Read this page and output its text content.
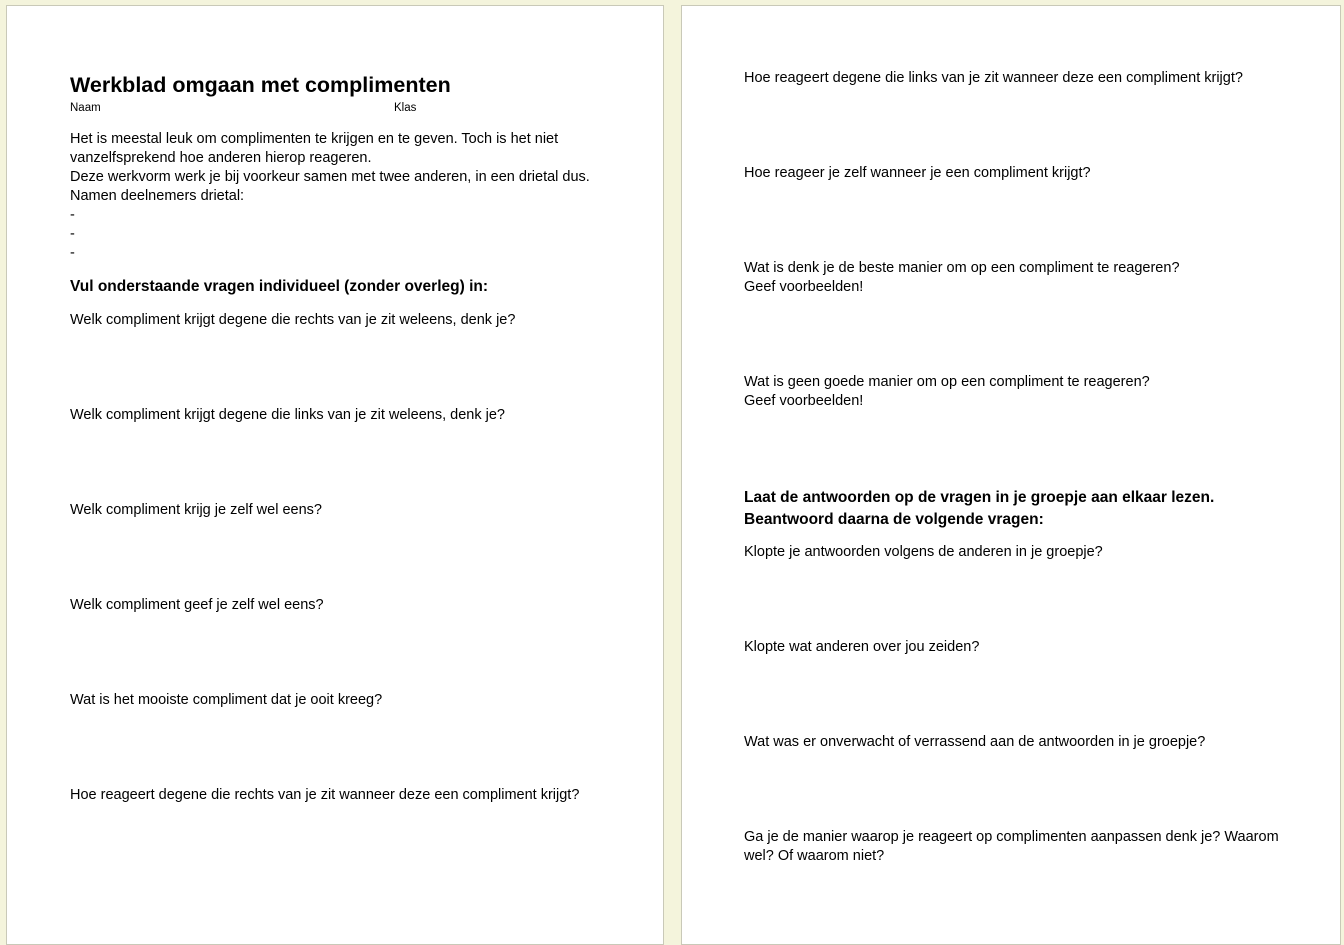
Werkblad omgaan met complimenten
Naam	Klas
Het is meestal leuk om complimenten te krijgen en te geven. Toch is het niet
vanzelfsprekend hoe anderen hierop reageren.
Deze werkvorm werk je bij voorkeur samen met twee anderen, in een drietal dus.
Namen deelnemers drietal:
-
-
-
Vul onderstaande vragen individueel (zonder overleg) in:
Welk compliment krijgt degene die rechts van je zit weleens, denk je?
Welk compliment krijgt degene die links van je zit weleens, denk je?
Welk compliment krijg je zelf wel eens?
Welk compliment geef je zelf wel eens?
Wat is het mooiste compliment dat je ooit kreeg?
Hoe reageert degene die rechts van je zit wanneer deze een compliment krijgt?
Hoe reageert degene die links van je zit wanneer deze een compliment krijgt?
Hoe reageer je zelf wanneer je een compliment krijgt?
Wat is denk je de beste manier om op een compliment te reageren?
Geef voorbeelden!
Wat is geen goede manier om op een compliment te reageren?
Geef voorbeelden!
Laat de antwoorden op de vragen in je groepje aan elkaar lezen.
Beantwoord daarna de volgende vragen:
Klopte je antwoorden volgens de anderen in je groepje?
Klopte wat anderen over jou zeiden?
Wat was er onverwacht of verrassend aan de antwoorden in je groepje?
Ga je de manier waarop je reageert op complimenten aanpassen denk je? Waarom
wel? Of waarom niet?
